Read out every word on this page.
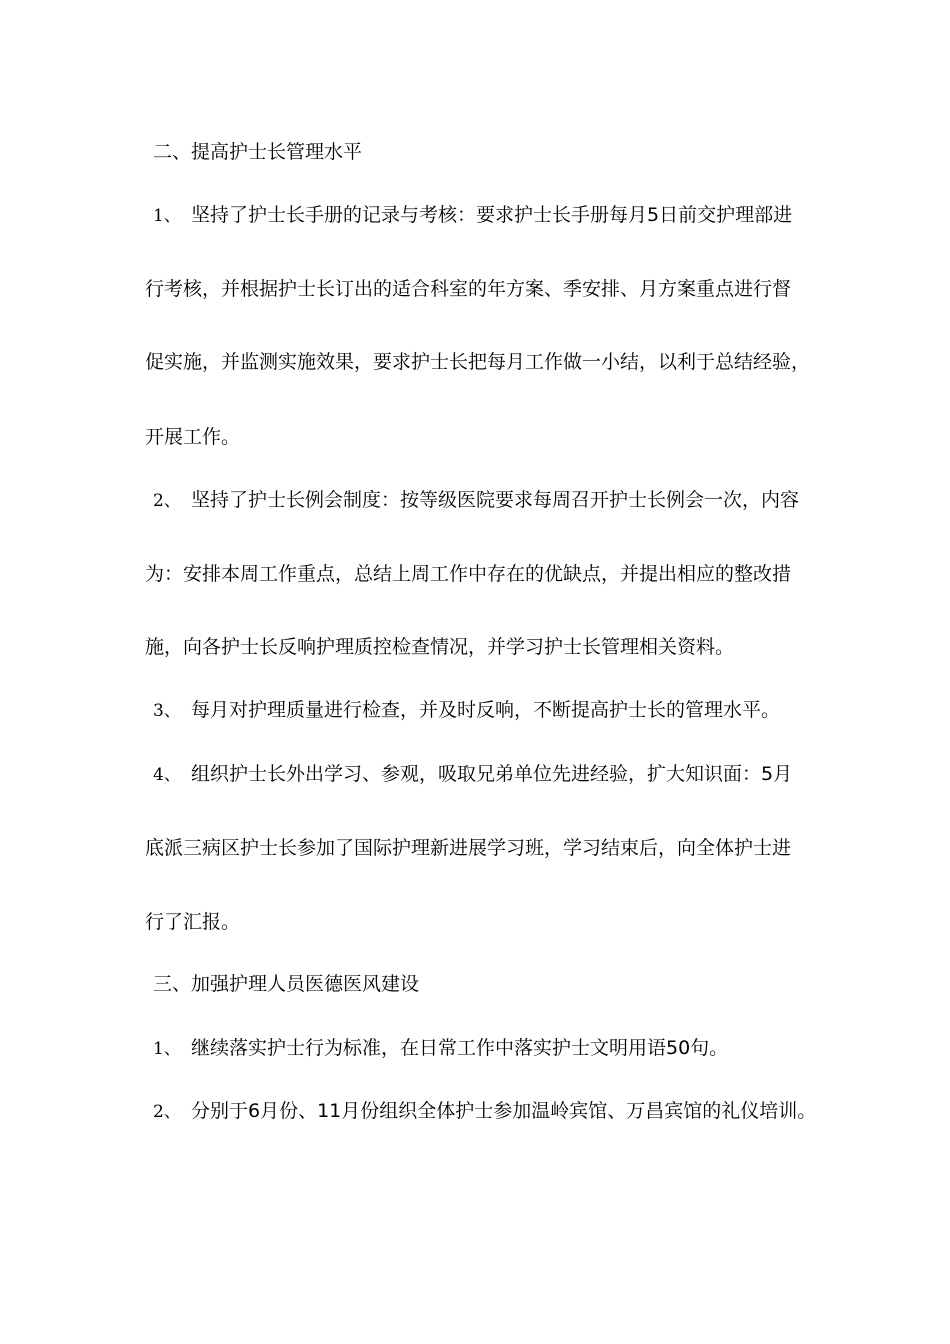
二、提高护士长管理水平
1、 坚持了护士长手册的记录与考核：要求护士长手册每月5日前交护理部进
行考核，并根据护士长订出的适合科室的年方案、季安排、月方案重点进行督
促实施，并监测实施效果，要求护士长把每月工作做一小结，以利于总结经验，
开展工作。
2、 坚持了护士长例会制度：按等级医院要求每周召开护士长例会一次，内容
为：安排本周工作重点，总结上周工作中存在的优缺点，并提出相应的整改措
施，向各护士长反响护理质控检查情况，并学习护士长管理相关资料。
3、 每月对护理质量进行检查，并及时反响，不断提高护士长的管理水平。
4、 组织护士长外出学习、参观，吸取兄弟单位先进经验，扩大知识面：5月
底派三病区护士长参加了国际护理新进展学习班，学习结束后，向全体护士进
行了汇报。
三、加强护理人员医德医风建设
1、 继续落实护士行为标准，在日常工作中落实护士文明用语50句。
2、 分别于6月份、11月份组织全体护士参加温岭宾馆、万昌宾馆的礼仪培训。
